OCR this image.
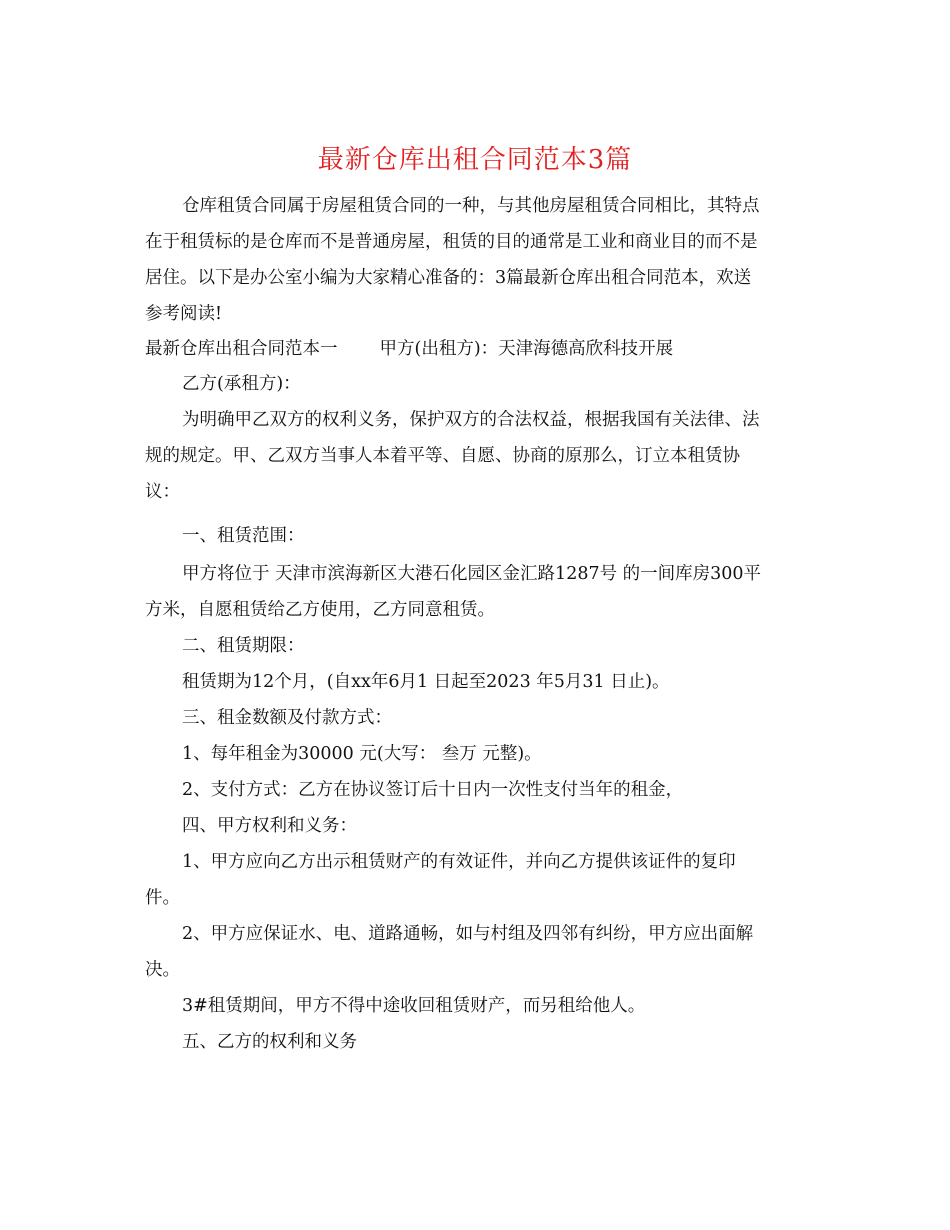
最新仓库出租合同范本3篇
仓库租赁合同属于房屋租赁合同的一种，与其他房屋租赁合同相比，其特点
在于租赁标的是仓库而不是普通房屋，租赁的目的通常是工业和商业目的而不是
居住。以下是办公室小编为大家精心准备的：3篇最新仓库出租合同范本，欢送
参考阅读!
最新仓库出租合同范本一 甲方(出租方)：天津海德高欣科技开展
乙方(承租方)：
为明确甲乙双方的权利义务，保护双方的合法权益，根据我国有关法律、法
规的规定。甲、乙双方当事人本着平等、自愿、协商的原那么，订立本租赁协
议：
一、租赁范围：
甲方将位于 天津市滨海新区大港石化园区金汇路1287号 的一间库房300平
方米，自愿租赁给乙方使用，乙方同意租赁。
二、租赁期限：
租赁期为12个月，(自xx年6月1 日起至2023 年5月31 日止)。
三、租金数额及付款方式：
1、每年租金为30000 元(大写： 叁万 元整)。
2、支付方式：乙方在协议签订后十日内一次性支付当年的租金，
四、甲方权利和义务：
1、甲方应向乙方出示租赁财产的有效证件，并向乙方提供该证件的复印
件。
2、甲方应保证水、电、道路通畅，如与村组及四邻有纠纷，甲方应出面解
决。
3#租赁期间，甲方不得中途收回租赁财产，而另租给他人。
五、乙方的权利和义务
